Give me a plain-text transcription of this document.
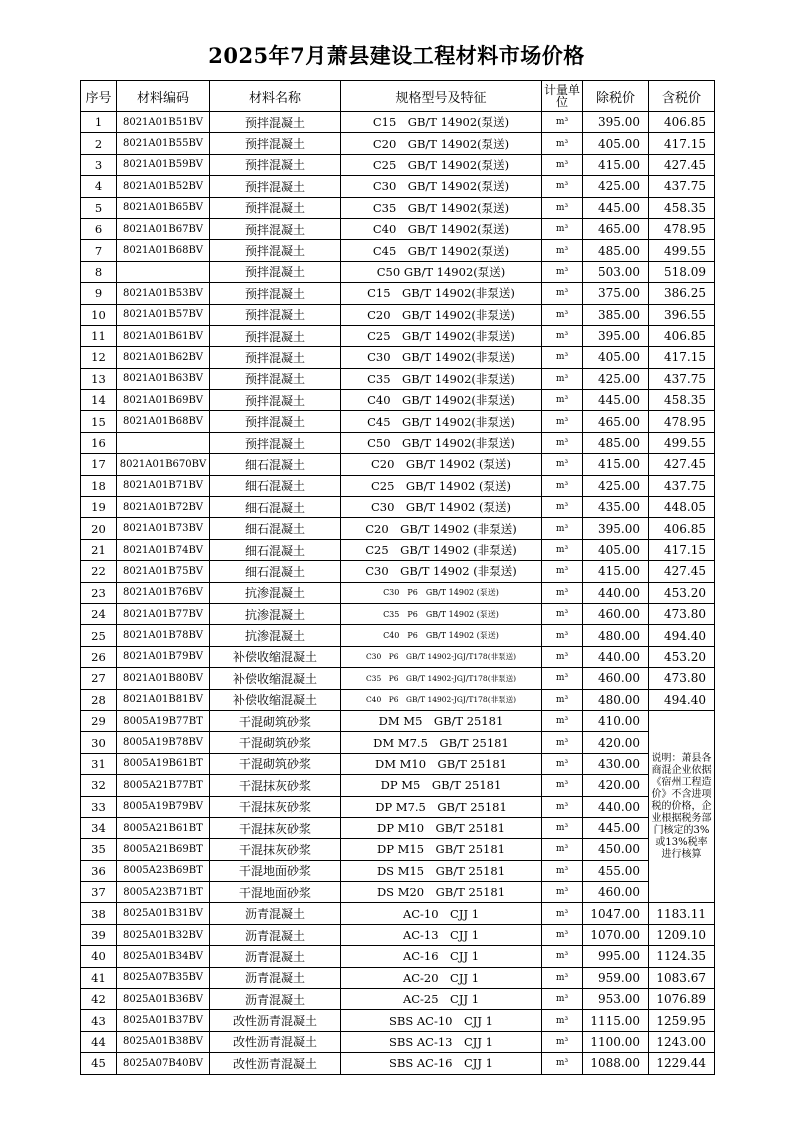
2025年7月萧县建设工程材料市场价格
序号	材料编码	材料名称	规格型号及特征	计量单位	除税价	含税价
1	8021A01B51BV	预拌混凝土	C15　GB/T 14902(泵送)	m³	395.00	406.85
2	8021A01B55BV	预拌混凝土	C20　GB/T 14902(泵送)	m³	405.00	417.15
3	8021A01B59BV	预拌混凝土	C25　GB/T 14902(泵送)	m³	415.00	427.45
4	8021A01B52BV	预拌混凝土	C30　GB/T 14902(泵送)	m³	425.00	437.75
5	8021A01B65BV	预拌混凝土	C35　GB/T 14902(泵送)	m³	445.00	458.35
6	8021A01B67BV	预拌混凝土	C40　GB/T 14902(泵送)	m³	465.00	478.95
7	8021A01B68BV	预拌混凝土	C45　GB/T 14902(泵送)	m³	485.00	499.55
8		预拌混凝土	C50 GB/T 14902(泵送)	m³	503.00	518.09
9	8021A01B53BV	预拌混凝土	C15　GB/T 14902(非泵送)	m³	375.00	386.25
10	8021A01B57BV	预拌混凝土	C20　GB/T 14902(非泵送)	m³	385.00	396.55
11	8021A01B61BV	预拌混凝土	C25　GB/T 14902(非泵送)	m³	395.00	406.85
12	8021A01B62BV	预拌混凝土	C30　GB/T 14902(非泵送)	m³	405.00	417.15
13	8021A01B63BV	预拌混凝土	C35　GB/T 14902(非泵送)	m³	425.00	437.75
14	8021A01B69BV	预拌混凝土	C40　GB/T 14902(非泵送)	m³	445.00	458.35
15	8021A01B68BV	预拌混凝土	C45　GB/T 14902(非泵送)	m³	465.00	478.95
16		预拌混凝土	C50　GB/T 14902(非泵送)	m³	485.00	499.55
17	8021A01B670BV	细石混凝土	C20　GB/T 14902 (泵送)	m³	415.00	427.45
18	8021A01B71BV	细石混凝土	C25　GB/T 14902 (泵送)	m³	425.00	437.75
19	8021A01B72BV	细石混凝土	C30　GB/T 14902 (泵送)	m³	435.00	448.05
20	8021A01B73BV	细石混凝土	C20　GB/T 14902 (非泵送)	m³	395.00	406.85
21	8021A01B74BV	细石混凝土	C25　GB/T 14902 (非泵送)	m³	405.00	417.15
22	8021A01B75BV	细石混凝土	C30　GB/T 14902 (非泵送)	m³	415.00	427.45
23	8021A01B76BV	抗渗混凝土	C30　P6　GB/T 14902 (泵送)	m³	440.00	453.20
24	8021A01B77BV	抗渗混凝土	C35　P6　GB/T 14902 (泵送)	m³	460.00	473.80
25	8021A01B78BV	抗渗混凝土	C40　P6　GB/T 14902 (泵送)	m³	480.00	494.40
26	8021A01B79BV	补偿收缩混凝土	C30　P6　GB/T 14902-JGJ/T178(非泵送)	m³	440.00	453.20
27	8021A01B80BV	补偿收缩混凝土	C35　P6　GB/T 14902-JGJ/T178(非泵送)	m³	460.00	473.80
28	8021A01B81BV	补偿收缩混凝土	C40　P6　GB/T 14902-JGJ/T178(非泵送)	m³	480.00	494.40
29	8005A19B77BT	干混砌筑砂浆	DM M5　GB/T 25181	m³	410.00	说明：萧县各商混企业依据《宿州工程造价》不含进项税的价格，企业根据税务部门核定的3%或13%税率进行核算
30	8005A19B78BV	干混砌筑砂浆	DM M7.5　GB/T 25181	m³	420.00	
31	8005A19B61BT	干混砌筑砂浆	DM M10　GB/T 25181	m³	430.00	
32	8005A21B77BT	干混抹灰砂浆	DP M5　GB/T 25181	m³	420.00	
33	8005A19B79BV	干混抹灰砂浆	DP M7.5　GB/T 25181	m³	440.00	
34	8005A21B61BT	干混抹灰砂浆	DP M10　GB/T 25181	m³	445.00	
35	8005A21B69BT	干混抹灰砂浆	DP M15　GB/T 25181	m³	450.00	
36	8005A23B69BT	干混地面砂浆	DS M15　GB/T 25181	m³	455.00	
37	8005A23B71BT	干混地面砂浆	DS M20　GB/T 25181	m³	460.00	
38	8025A01B31BV	沥青混凝土	AC-10　CJJ 1	m³	1047.00	1183.11
39	8025A01B32BV	沥青混凝土	AC-13　CJJ 1	m³	1070.00	1209.10
40	8025A01B34BV	沥青混凝土	AC-16　CJJ 1	m³	995.00	1124.35
41	8025A07B35BV	沥青混凝土	AC-20　CJJ 1	m³	959.00	1083.67
42	8025A01B36BV	沥青混凝土	AC-25　CJJ 1	m³	953.00	1076.89
43	8025A01B37BV	改性沥青混凝土	SBS AC-10　CJJ 1	m³	1115.00	1259.95
44	8025A01B38BV	改性沥青混凝土	SBS AC-13　CJJ 1	m³	1100.00	1243.00
45	8025A07B40BV	改性沥青混凝土	SBS AC-16　CJJ 1	m³	1088.00	1229.44
